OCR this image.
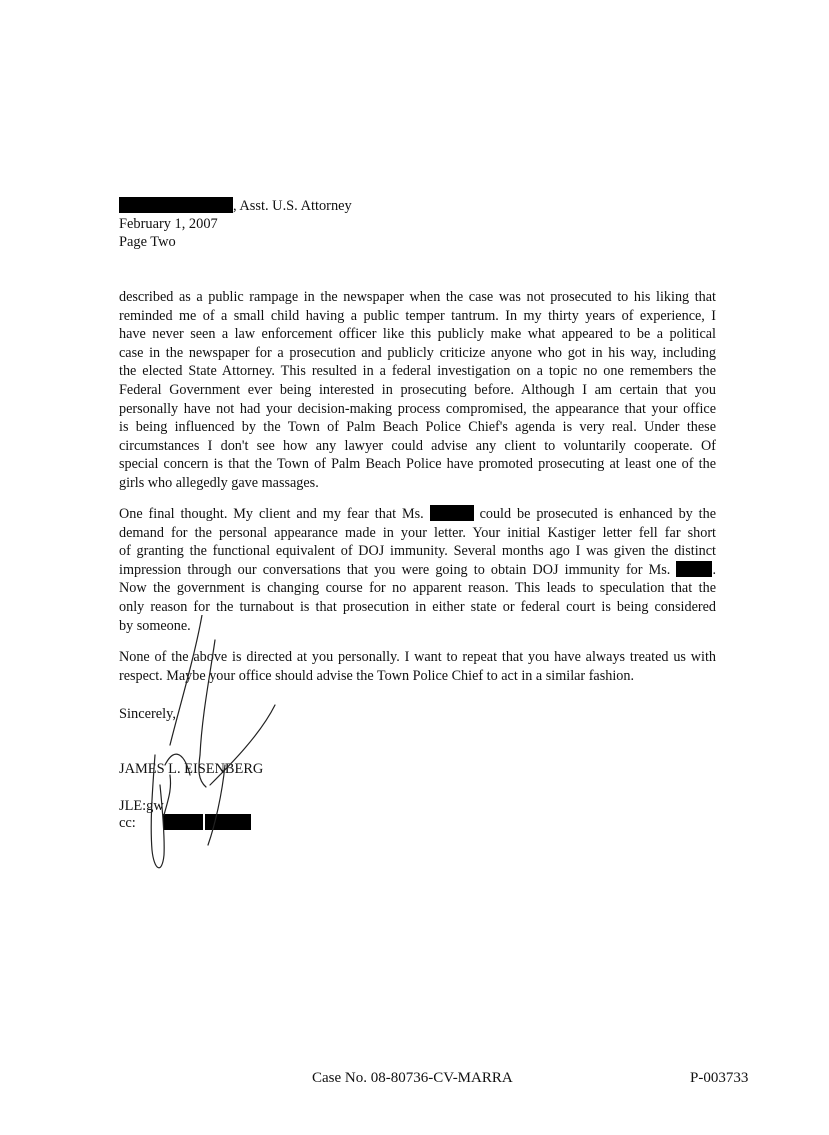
, Asst. U.S. Attorney
February 1, 2007
Page Two
described as a public rampage in the newspaper when the case was not prosecuted to his liking that
reminded me of a small child having a public temper tantrum. In my thirty years of experience, I
have never seen a law enforcement officer like this publicly make what appeared to be a political
case in the newspaper for a prosecution and publicly criticize anyone who got in his way, including
the elected State Attorney. This resulted in a federal investigation on a topic no one remembers the
Federal Government ever being interested in prosecuting before. Although I am certain that you
personally have not had your decision-making process compromised, the appearance that your office
is being influenced by the Town of Palm Beach Police Chief's agenda is very real. Under these
circumstances I don't see how any lawyer could advise any client to voluntarily cooperate. Of
special concern is that the Town of Palm Beach Police have promoted prosecuting at least one of the
girls who allegedly gave massages.
One final thought. My client and my fear that Ms.	could be prosecuted is enhanced by the
demand for the personal appearance made in your letter. Your initial Kastiger letter fell far short
of granting the functional equivalent of DOJ immunity. Several months ago I was given the distinct
impression through our conversations that you were going to obtain DOJ immunity for Ms.	.
Now the government is changing course for no apparent reason. This leads to speculation that the
only reason for the turnabout is that prosecution in either state or federal court is being considered
by someone.
None of the above is directed at you personally. I want to repeat that you have always treated us with
respect. Maybe your office should advise the Town Police Chief to act in a similar fashion.
Sincerely,
JAMES L. EISENBERG
JLE:gw
cc:
Case No. 08-80736-CV-MARRA	P-003733
